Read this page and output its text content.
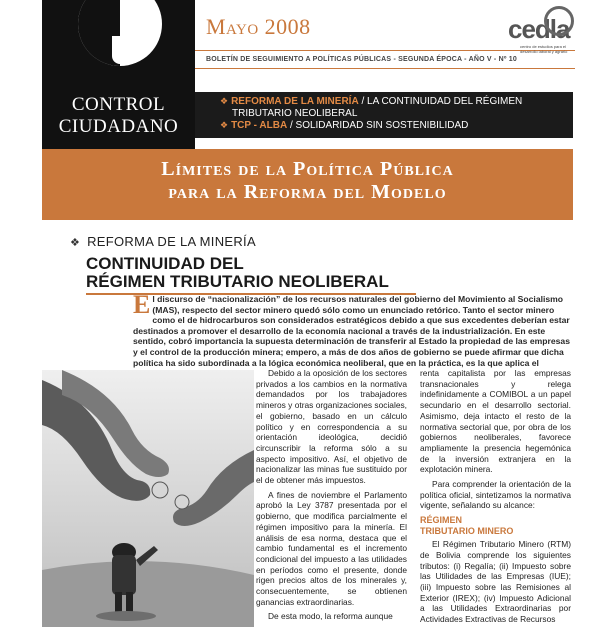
CONTROL
CIUDADANO
Mayo 2008
BOLETÍN DE SEGUIMIENTO A POLÍTICAS PÚBLICAS - SEGUNDA ÉPOCA - AÑO V - Nº 10
cedla
centro de estudios para el desarrollo laboral y agrario
❖ REFORMA DE LA MINERÍA / LA CONTINUIDAD DEL RÉGIMEN
TRIBUTARIO NEOLIBERAL
❖ TCP - ALBA / SOLIDARIDAD SIN SOSTENIBILIDAD
Límites de la Política Pública
para la Reforma del Modelo
❖ REFORMA DE LA MINERÍA
CONTINUIDAD DEL
RÉGIMEN TRIBUTARIO NEOLIBERAL
El discurso de “nacionalización” de los recursos naturales del gobierno del Movimiento al Socialismo (MAS), respecto del sector minero quedó sólo como un enunciado retórico. Tanto el sector minero como el de hidrocarburos son considerados estratégicos debido a que sus excedentes deberían estar destinados a promover el desarrollo de la economía nacional a través de la industrialización. En este sentido, cobró importancia la supuesta determinación de transferir al Estado la propiedad de las empresas y el control de la producción minera; empero, a más de dos años de gobierno se puede afirmar que dicha política ha sido subordinada a la lógica económica neoliberal, que en la práctica, es la que aplica el

Debido a la oposición de los sectores privados a los cambios en la normativa demandados por los trabajadores mineros y otras organizaciones sociales, el gobierno, basado en un cálculo político y en correspondencia a su orientación ideológica, decidió circunscribir la reforma sólo a su aspecto impositivo. Así, el objetivo de nacionalizar las minas fue sustituido por el de obtener más impuestos.

A fines de noviembre el Parlamento aprobó la Ley 3787 presentada por el gobierno, que modifica parcialmente el régimen impositivo para la minería. El análisis de esa norma, destaca que el cambio fundamental es el incremento condicional del impuesto a las utilidades en períodos como el presente, donde rigen precios altos de los minerales y, consecuentemente, se obtienen ganancias extraordinarias.

De esta modo, la reforma aunque

renta capitalista por las empresas transnacionales y relega indefinidamente a COMIBOL a un papel secundario en el desarrollo sectorial. Asimismo, deja intacto el resto de la normativa sectorial que, por obra de los gobiernos neoliberales, favorece ampliamente la presencia hegemónica de la inversión extranjera en la explotación minera.

Para comprender la orientación de la política oficial, sintetizamos la normativa vigente, señalando su alcance:

RÉGIMEN
TRIBUTARIO MINERO

El Régimen Tributario Minero (RTM) de Bolivia comprende los siguientes tributos: (i) Regalía; (ii) Impuesto sobre las Utilidades de las Empresas (IUE); (iii) Impuesto sobre las Remisiones al Exterior (IREX); (iv) Impuesto Adicional a las Utilidades Extraordinarias por Actividades Extractivas de Recursos
